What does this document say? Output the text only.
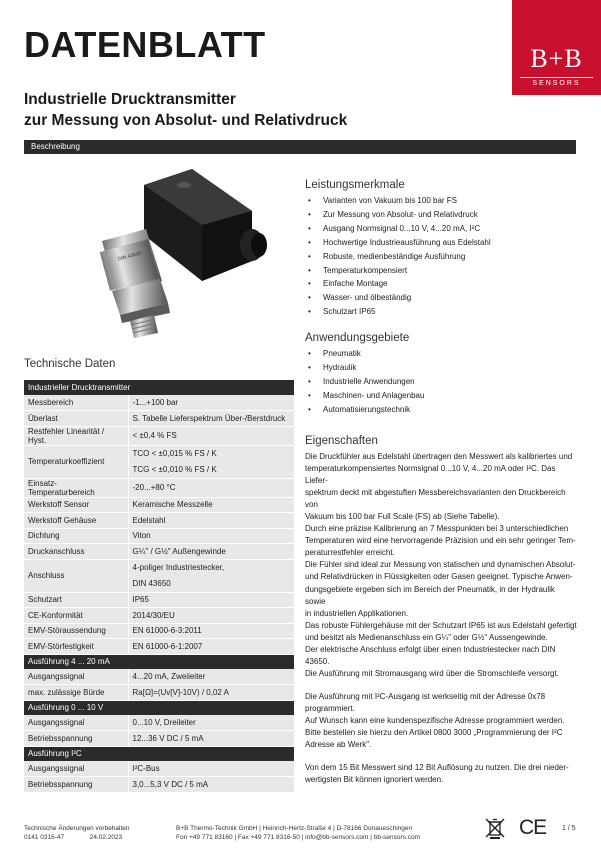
DATENBLATT	B+B
SENSORS
Industrielle Drucktransmitter
zur Messung von Absolut- und Relativdruck
Beschreibung
DIN 43650
Leistungsmerkmale
• Varianten von Vakuum bis 100 bar FS
• Zur Messung von Absolut- und Relativdruck
• Ausgang Normsignal 0...10 V, 4...20 mA, I²C
• Hochwertige Industrieausführung aus Edelstahl
• Robuste, medienbeständige Ausführung
• Temperaturkompensiert
• Einfache Montage
• Wasser- und ölbeständig
• Schutzart IP65
Anwendungsgebiete
• Pneumatik
• Hydraulik
• Industrielle Anwendungen
• Maschinen- und Anlagenbau
• Automatisierungstechnik
Technische Daten
Industrieller Drucktransmitter	
Messbereich	-1...+100 bar
Überlast	S. Tabelle Lieferspektrum Über-/Berstdruck
Restfehler Linearität / Hyst.	< ±0,4 % FS
Temperaturkoeffizient	TCO < ±0,015 % FS / K
TCG < ±0,010 % FS / K

Einsatz-Temperaturbereich	-20...+80 °C
Werkstoff Sensor	Keramische Messzelle
Werkstoff Gehäuse	Edelstahl
Dichtung	Viton
Druckanschluss	G¼" / G½" Außengewinde
Anschluss	4-poliger Industriestecker,
DIN 43650

Schutzart	IP65
CE-Konformität	2014/30/EU
EMV-Störaussendung	EN 61000-6-3:2011
EMV-Störfestigkeit	EN 61000-6-1:2007
Ausführung 4 ... 20 mA	
Ausgangssignal	4...20 mA, Zweileiter
max. zulässige Bürde	Ra[Ω]=(Uv[V]-10V) / 0,02 A
Ausführung 0 ... 10 V	
Ausgangssignal	0...10 V, Dreileiter
Betriebsspannung	12...36 V DC / 5 mA
Ausführung I²C	
Ausgangssignal	I²C-Bus
Betriebsspannung	3,0...5,3 V DC / 5 mA
Eigenschaften

Die Druckfühler aus Edelstahl übertragen den Messwert als kalibriertes und

temperaturkompensiertes Normsignal 0...10 V, 4...20 mA oder I²C. Das Liefer-

spektrum deckt mit abgestuften Messbereichsvarianten den Druckbereich von

Vakuum bis 100 bar Full Scale (FS) ab (Siehe Tabelle).

Durch eine präzise Kalibrierung an 7 Messpunkten bei 3 unterschiedlichen

Temperaturen wird eine hervorragende Präzision und ein sehr geringer Tem-

peraturrestfehler erreicht.

Die Fühler sind ideal zur Messung von statischen und dynamischen Absolut-

und Relativdrücken in Flüssigkeiten oder Gasen geeignet. Typische Anwen-

dungsgebiete ergeben sich im Bereich der Pneumatik, in der Hydraulik sowie

in industriellen Applikationen.

Das robuste Fühlergehäuse mit der Schutzart IP65 ist aus Edelstahl gefertigt

und besitzt als Medienanschluss ein G¼" oder G½" Aussengewinde.

Der elektrische Anschluss erfolgt über einen Industriestecker nach DIN 43650.

Die Ausführung mit Stromausgang wird über die Stromschleife versorgt.

Die Ausführung mit I²C-Ausgang ist werkseitig mit der Adresse 0x78 programmiert.

Auf Wunsch kann eine kundenspezifische Adresse programmiert werden.

Bitte bestellen sie hierzu den Artikel 0800 3000 „Programmierung der I²C

Adresse ab Werk".

Von dem 15 Bit Messwert sind 12 Bit Auflösung zu nutzen. Die drei nieder-

wertigsten Bit können ignoriert werden.

Technische Änderungen vorbehalten
0141 0316-47	24.02.2023
B+B Thermo-Technik GmbH | Heinrich-Hertz-Straße 4 | D-78166 Donaueschingen
Fon +49 771 83160 | Fax +49 771 8316-50 | info@bb-sensors.com | bb-sensors.com	CE 1 / 5
